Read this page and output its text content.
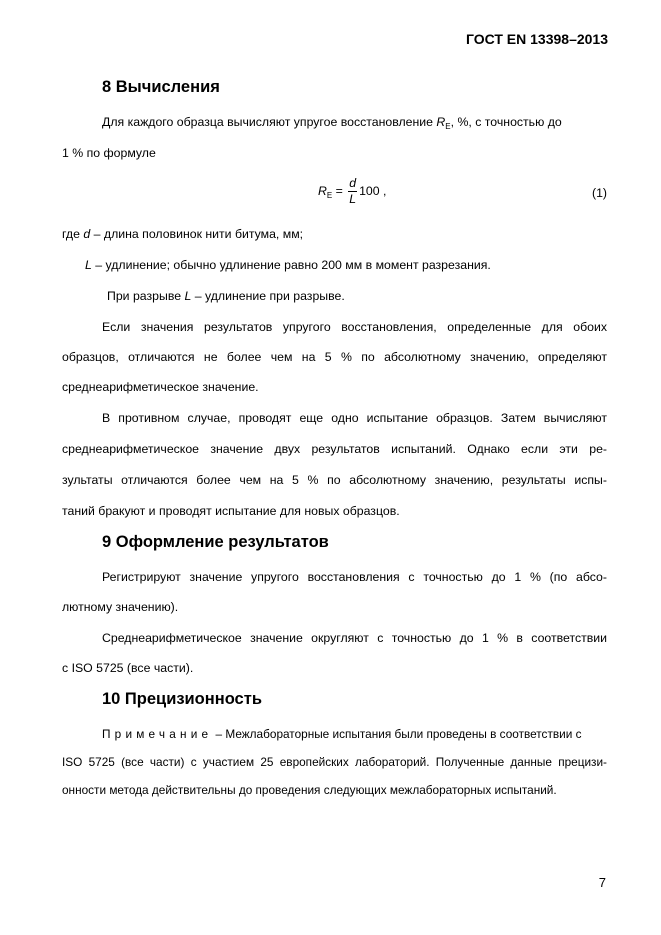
ГОСТ EN 13398–2013
8 Вычисления
Для каждого образца вычисляют упругое восстановление $R_E$, %, с точностью до
1 % по формуле
$R_E = \frac{d}{L} 100$ ,	(1)
где d – длина половинок нити битума, мм;
L – удлинение; обычно удлинение равно 200 мм в момент разрезания.
При разрыве L – удлинение при разрыве.
Если значения результатов упругого восстановления, определенные для обоих
образцов, отличаются не более чем на 5 % по абсолютному значению, определяют
среднеарифметическое значение.
В противном случае, проводят еще одно испытание образцов. Затем вычисляют
среднеарифметическое значение двух результатов испытаний. Однако если эти ре-
зультаты отличаются более чем на 5 % по абсолютному значению, результаты испы-
таний бракуют и проводят испытание для новых образцов.
9 Оформление результатов
Регистрируют значение упругого восстановления с точностью до 1 % (по абсо-
лютному значению).
Среднеарифметическое значение округляют с точностью до 1 % в соответствии
с ISO 5725 (все части).
10 Прецизионность
Примечание – Межлабораторные испытания были проведены в соответствии с
ISO 5725 (все части) с участием 25 европейских лабораторий. Полученные данные прецизи-
онности метода действительны до проведения следующих межлабораторных испытаний.
7
